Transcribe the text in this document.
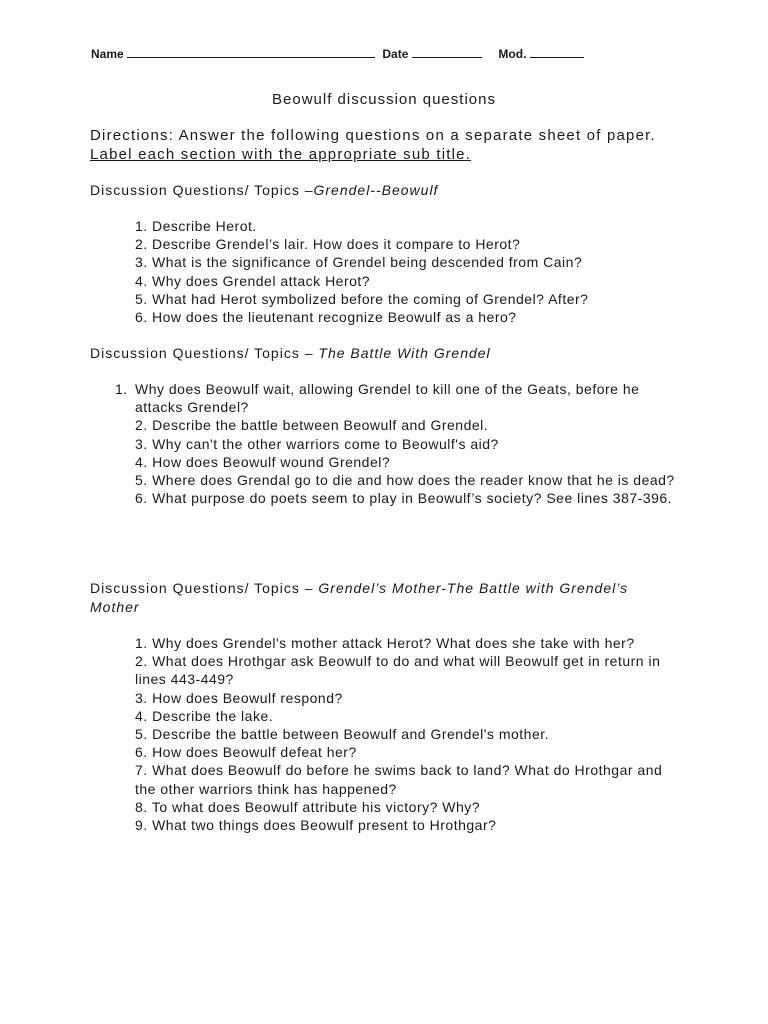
Name	Date	Mod.
Beowulf discussion questions
Directions: Answer the following questions on a separate sheet of paper. Label each section with the appropriate sub title.
Discussion Questions/ Topics –Grendel--Beowulf
1. Describe Herot.
2. Describe Grendel’s lair. How does it compare to Herot?
3. What is the significance of Grendel being descended from Cain?
4. Why does Grendel attack Herot?
5. What had Herot symbolized before the coming of Grendel? After?
6. How does the lieutenant recognize Beowulf as a hero?
Discussion Questions/ Topics – The Battle With Grendel
1. Why does Beowulf wait, allowing Grendel to kill one of the Geats, before he attacks Grendel?
2. Describe the battle between Beowulf and Grendel.
3. Why can't the other warriors come to Beowulf's aid?
4. How does Beowulf wound Grendel?
5. Where does Grendal go to die and how does the reader know that he is dead?
6. What purpose do poets seem to play in Beowulf’s society? See lines 387-396.
Discussion Questions/ Topics – Grendel’s Mother-The Battle with Grendel’s Mother
1. Why does Grendel's mother attack Herot? What does she take with her?
2. What does Hrothgar ask Beowulf to do and what will Beowulf get in return in lines 443-449?
3. How does Beowulf respond?
4. Describe the lake.
5. Describe the battle between Beowulf and Grendel's mother.
6. How does Beowulf defeat her?
7. What does Beowulf do before he swims back to land? What do Hrothgar and the other warriors think has happened?
8. To what does Beowulf attribute his victory? Why?
9. What two things does Beowulf present to Hrothgar?
